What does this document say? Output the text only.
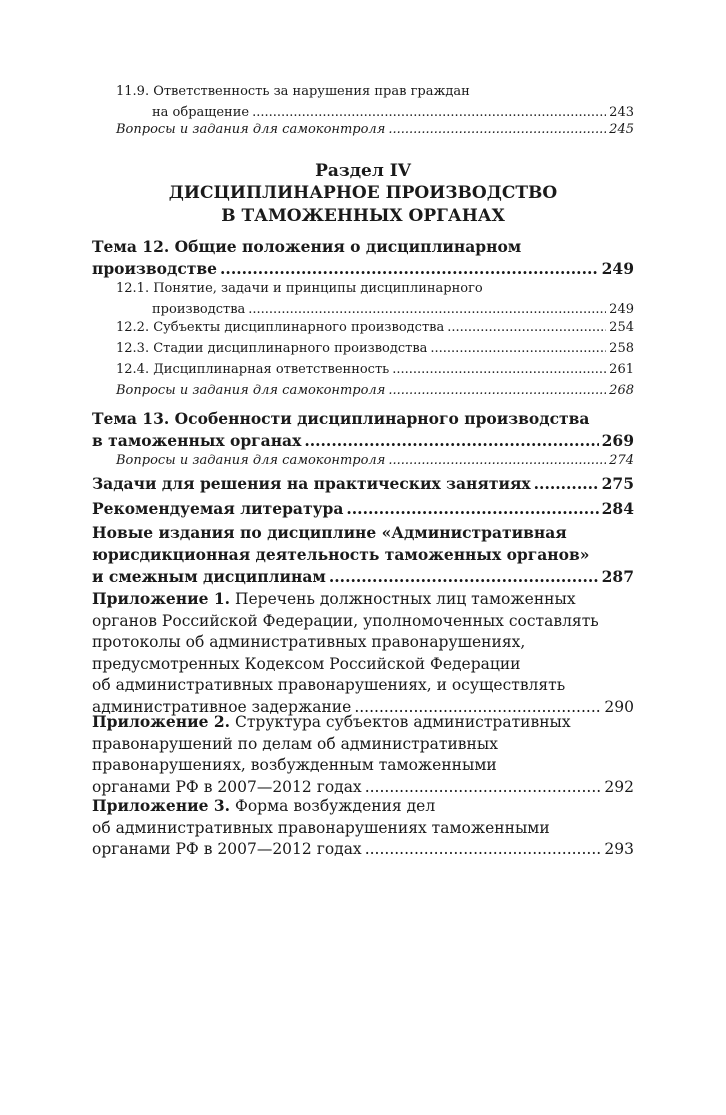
11.9. Ответственность за нарушения прав граждан
на обращение .....	243
Вопросы и задания для самоконтроля .....	245
Раздел IV
ДИСЦИПЛИНАРНОЕ ПРОИЗВОДСТВО
В ТАМОЖЕННЫХ ОРГАНАХ
Тема 12. Общие положения о дисциплинарном
производстве .....	249
12.1. Понятие, задачи и принципы дисциплинарного
производства .....	249
12.2. Субъекты дисциплинарного производства .....	254
12.3. Стадии дисциплинарного производства .....	258
12.4. Дисциплинарная ответственность .....	261
Вопросы и задания для самоконтроля .....	268
Тема 13. Особенности дисциплинарного производства
в таможенных органах .....	269
Вопросы и задания для самоконтроля .....	274
Задачи для решения на практических занятиях .....	275
Рекомендуемая литература .....	284
Новые издания по дисциплине «Административная
юрисдикционная деятельность таможенных органов»
и смежным дисциплинам .....	287
Приложение 1. Перечень должностных лиц таможенных
органов Российской Федерации, уполномоченных составлять
протоколы об административных правонарушениях,
предусмотренных Кодексом Российской Федерации
об административных правонарушениях, и осуществлять
административное задержание .....	290
Приложение 2. Структура субъектов административных
правонарушений по делам об административных
правонарушениях, возбужденным таможенными
органами РФ в 2007—2012 годах .....	292
Приложение 3. Форма возбуждения дел
об административных правонарушениях таможенными
органами РФ в 2007—2012 годах .....	293
